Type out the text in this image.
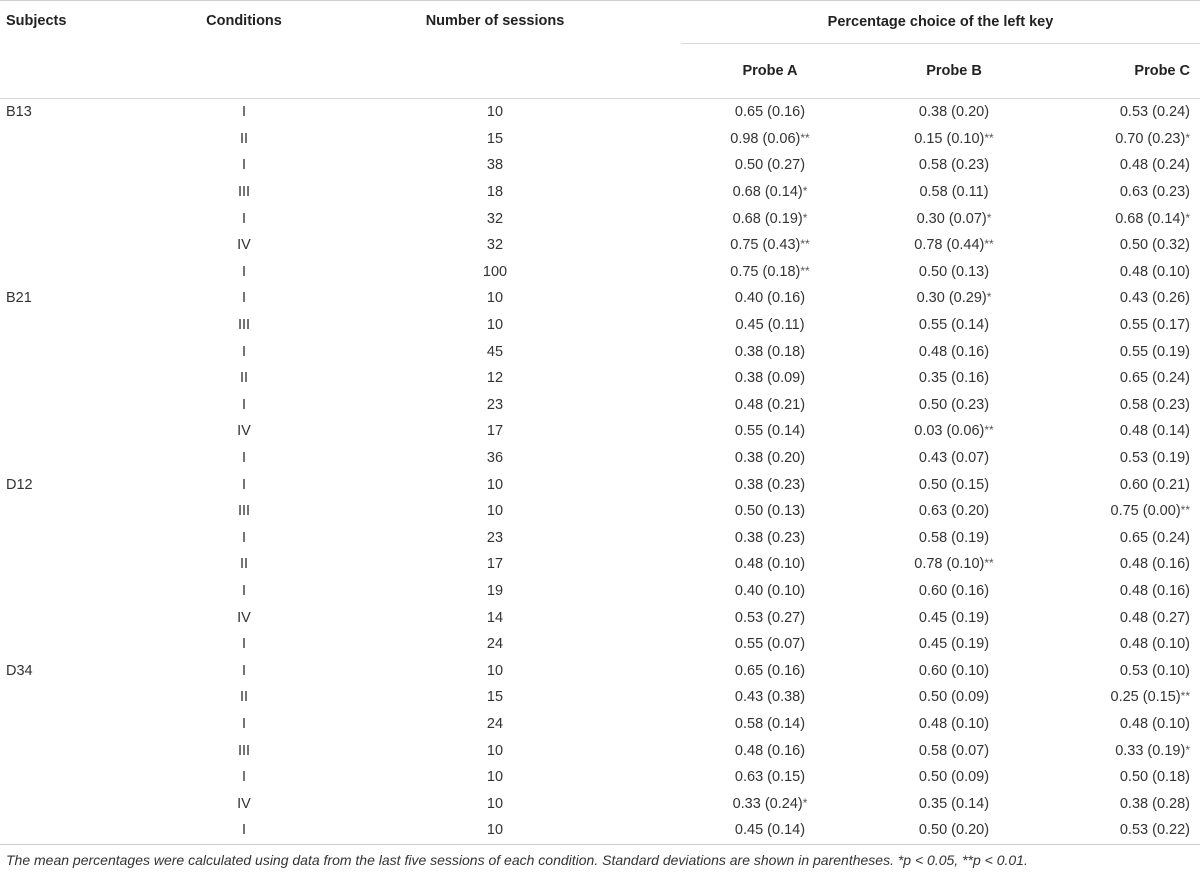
Subjects	Conditions	Number of sessions	Percentage choice of the left key		
			Probe A	Probe B	Probe C
B13	I	10	0.65 (0.16)	0.38 (0.20)	0.53 (0.24)
	II	15	0.98 (0.06)**	0.15 (0.10)**	0.70 (0.23)*
	I	38	0.50 (0.27)	0.58 (0.23)	0.48 (0.24)
	III	18	0.68 (0.14)*	0.58 (0.11)	0.63 (0.23)
	I	32	0.68 (0.19)*	0.30 (0.07)*	0.68 (0.14)*
	IV	32	0.75 (0.43)**	0.78 (0.44)**	0.50 (0.32)
	I	100	0.75 (0.18)**	0.50 (0.13)	0.48 (0.10)
B21	I	10	0.40 (0.16)	0.30 (0.29)*	0.43 (0.26)
	III	10	0.45 (0.11)	0.55 (0.14)	0.55 (0.17)
	I	45	0.38 (0.18)	0.48 (0.16)	0.55 (0.19)
	II	12	0.38 (0.09)	0.35 (0.16)	0.65 (0.24)
	I	23	0.48 (0.21)	0.50 (0.23)	0.58 (0.23)
	IV	17	0.55 (0.14)	0.03 (0.06)**	0.48 (0.14)
	I	36	0.38 (0.20)	0.43 (0.07)	0.53 (0.19)
D12	I	10	0.38 (0.23)	0.50 (0.15)	0.60 (0.21)
	III	10	0.50 (0.13)	0.63 (0.20)	0.75 (0.00)**
	I	23	0.38 (0.23)	0.58 (0.19)	0.65 (0.24)
	II	17	0.48 (0.10)	0.78 (0.10)**	0.48 (0.16)
	I	19	0.40 (0.10)	0.60 (0.16)	0.48 (0.16)
	IV	14	0.53 (0.27)	0.45 (0.19)	0.48 (0.27)
	I	24	0.55 (0.07)	0.45 (0.19)	0.48 (0.10)
D34	I	10	0.65 (0.16)	0.60 (0.10)	0.53 (0.10)
	II	15	0.43 (0.38)	0.50 (0.09)	0.25 (0.15)**
	I	24	0.58 (0.14)	0.48 (0.10)	0.48 (0.10)
	III	10	0.48 (0.16)	0.58 (0.07)	0.33 (0.19)*
	I	10	0.63 (0.15)	0.50 (0.09)	0.50 (0.18)
	IV	10	0.33 (0.24)*	0.35 (0.14)	0.38 (0.28)
	I	10	0.45 (0.14)	0.50 (0.20)	0.53 (0.22)
The mean percentages were calculated using data from the last five sessions of each condition. Standard deviations are shown in parentheses. *p < 0.05, **p < 0.01.
